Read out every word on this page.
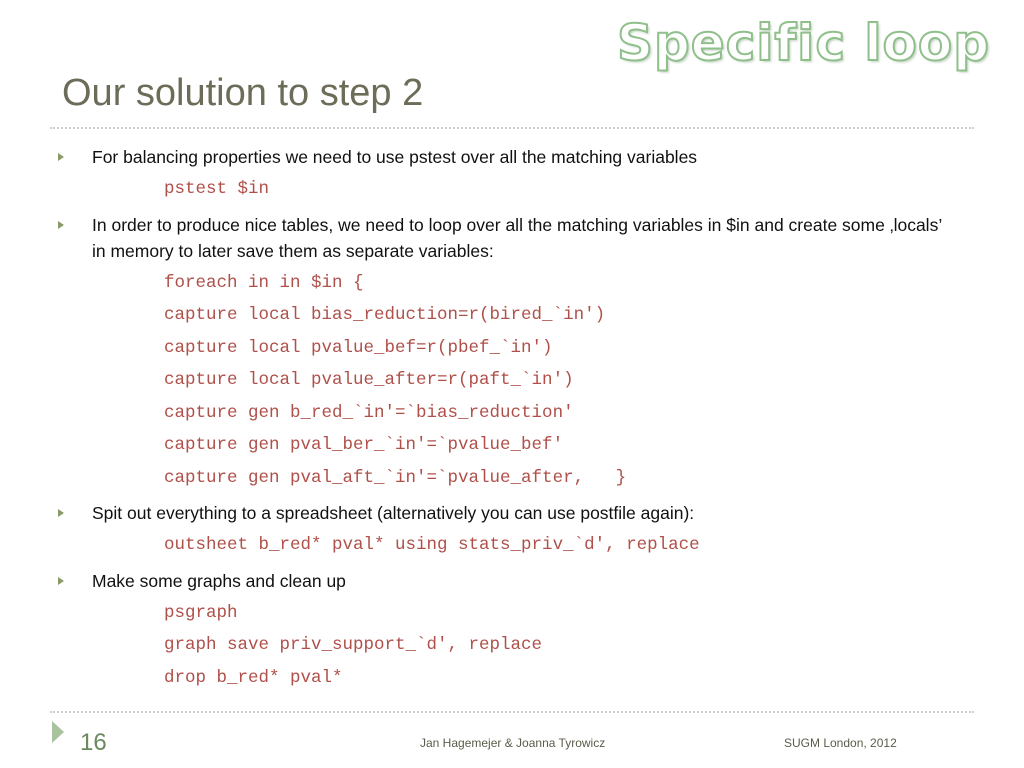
Specific loop
Our solution to step 2
For balancing properties we need to use pstest over all the matching variables
pstest $in
In order to produce nice tables, we need to loop over all the matching variables in $in and create some ‚locals’ in memory to later save them as separate variables:
foreach in in $in {
capture local bias_reduction=r(bired_`in')
capture local pvalue_bef=r(pbef_`in')
capture local pvalue_after=r(paft_`in')
capture gen b_red_`in'=`bias_reduction'
capture gen pval_ber_`in'=`pvalue_bef'
capture gen pval_aft_`in'=`pvalue_after,   }
Spit out everything to a spreadsheet (alternatively you can use postfile again):
outsheet b_red* pval* using stats_priv_`d', replace
Make some graphs and clean up
psgraph
graph save priv_support_`d', replace
drop b_red* pval*
16	Jan Hagemejer & Joanna Tyrowicz	SUGM London, 2012
